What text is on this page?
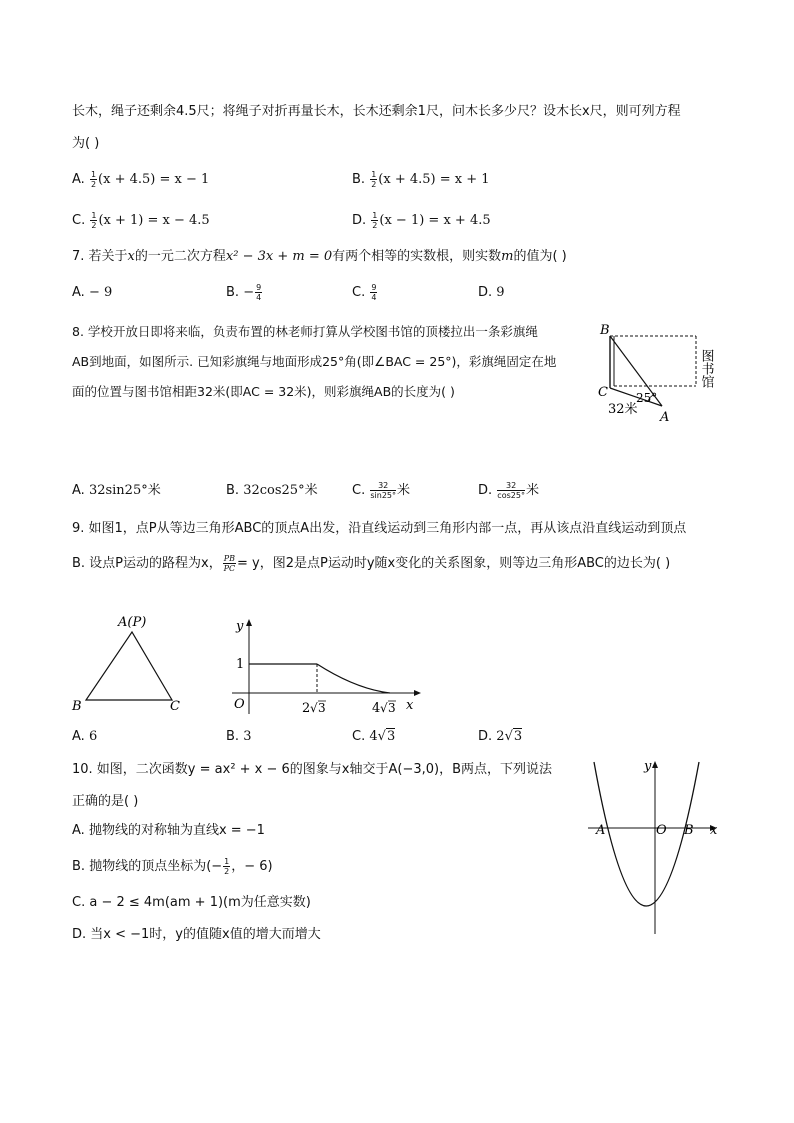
长木，绳子还剩余4.5尺；将绳子对折再量长木，长木还剩余1尺，问木长多少尺？设木长x尺，则可列方程
为( )
A. $\frac{1}{2} (x + 4.5) = x - 1$	B. $\frac{1}{2} (x + 4.5) = x + 1$
C. $\frac{1}{2} (x + 1) = x - 4.5$	D. $\frac{1}{2} (x - 1) = x + 4.5$
7. 若关于x的一元二次方程x² − 3x + m = 0有两个相等的实数根，则实数m的值为( )
A. − 9	B. − $\frac{9}{4}$	C. $\frac{9}{4}$	D. 9
8. 学校开放日即将来临，负责布置的林老师打算从学校图书馆的顶楼拉出一条彩旗绳
AB到地面，如图所示. 已知彩旗绳与地面形成25°角(即∠BAC = 25°)，彩旗绳固定在地
面的位置与图书馆相距32米(即AC = 32米)，则彩旗绳AB的长度为( )
B
C
A
25°
32米
图书馆
A. 32sin25°米	B. 32cos25°米	C. $\frac{32}{\sin 25^\circ}$ 米	D. $\frac{32}{\cos 25^\circ}$ 米
9. 如图1，点P从等边三角形ABC的顶点A出发，沿直线运动到三角形内部一点，再从该点沿直线运动到顶点
B. 设点P运动的路程为x， $\frac{PB}{PC} = y$，图2是点P运动时y随x变化的关系图象，则等边三角形ABC的边长为( )
A(P)
B	C
y
x
O
1
2 √ 3	4 √ 3
A. 6	B. 3	C. 4√3	D. 2√3
10. 如图，二次函数y = ax² + x − 6的图象与x轴交于A(−3,0)，B两点，下列说法
正确的是( )
y
x
A	O B
A. 抛物线的对称轴为直线x = −1
B. 抛物线的顶点坐标为(− $\frac{1}{2}$ ，− 6)
C. a − 2 ≤ 4m(am + 1)(m为任意实数)
D. 当x < −1时，y的值随x值的增大而增大
